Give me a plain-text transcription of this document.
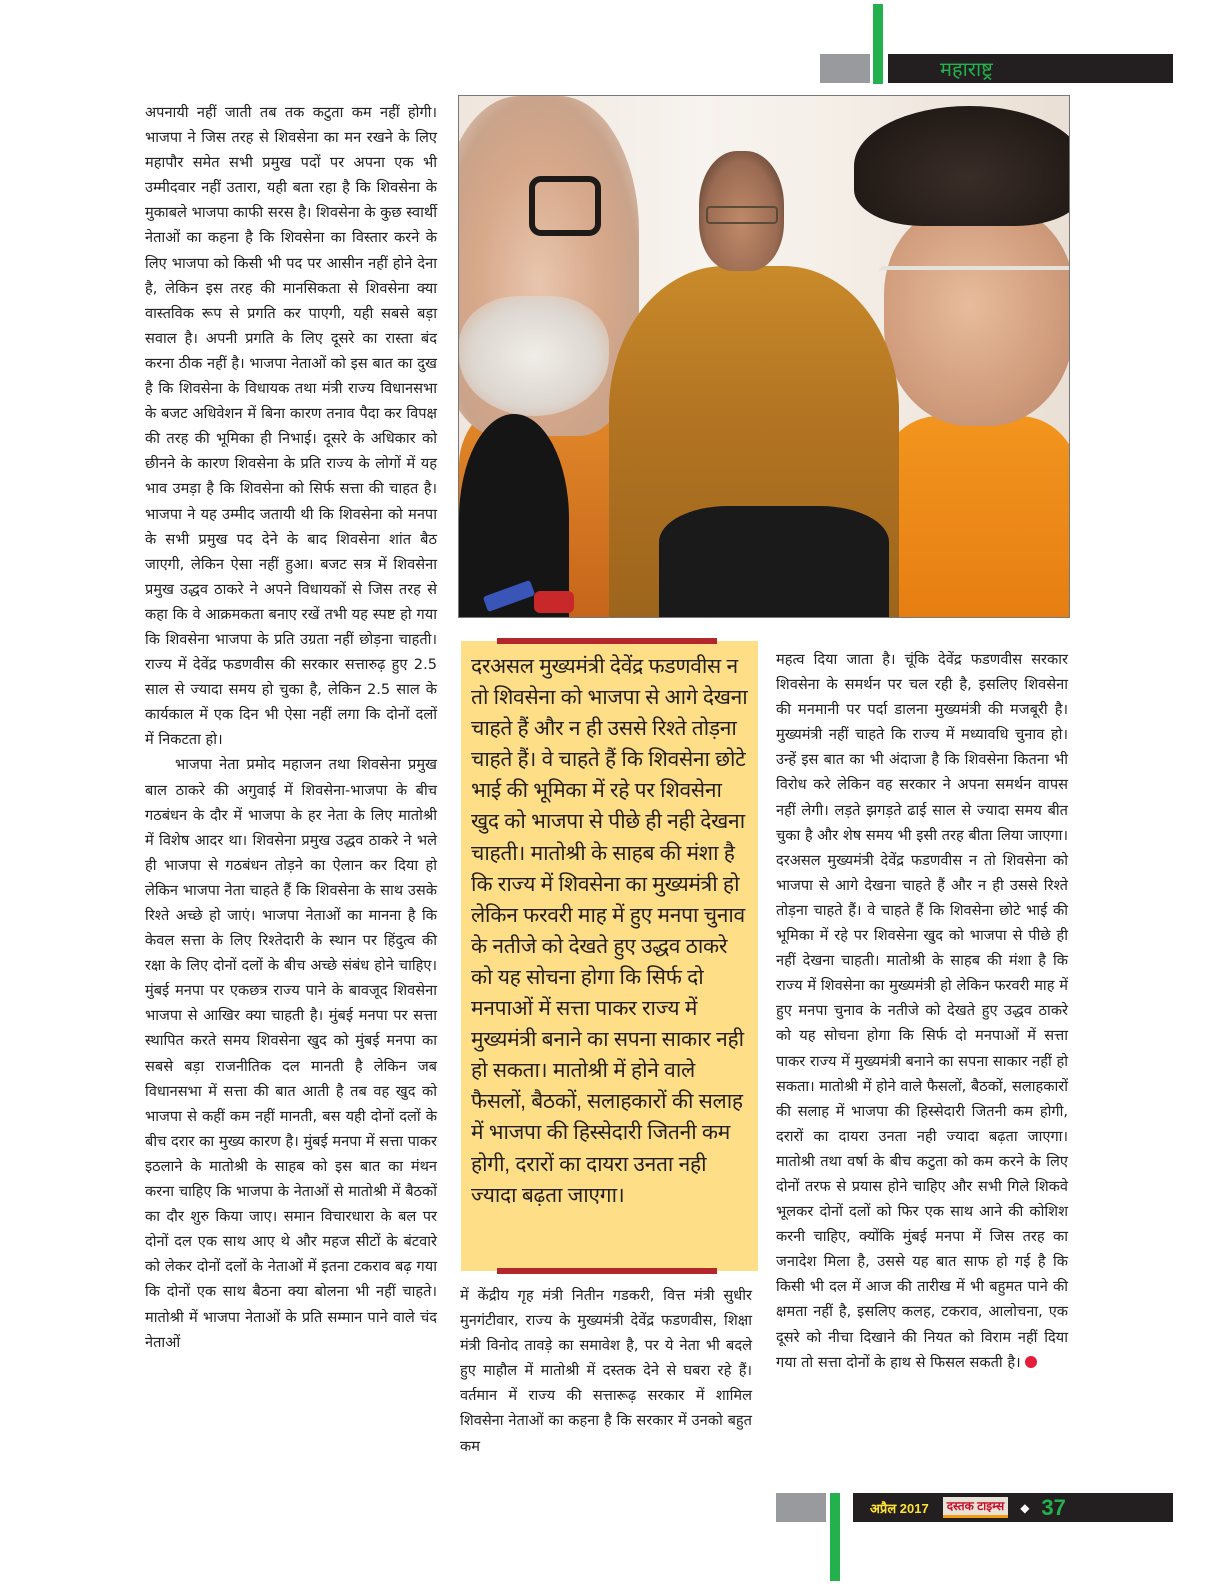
महाराष्ट्र

अपनायी नहीं जाती तब तक कटुता कम नहीं होगी। भाजपा ने जिस तरह से शिवसेना का मन रखने के लिए महापौर समेत सभी प्रमुख पदों पर अपना एक भी उम्मीदवार नहीं उतारा, यही बता रहा है कि शिवसेना के मुकाबले भाजपा काफी सरस है। शिवसेना के कुछ स्वार्थी नेताओं का कहना है कि शिवसेना का विस्तार करने के लिए भाजपा को किसी भी पद पर आसीन नहीं होने देना है, लेकिन इस तरह की मानसिकता से शिवसेना क्या वास्तविक रूप से प्रगति कर पाएगी, यही सबसे बड़ा सवाल है। अपनी प्रगति के लिए दूसरे का रास्ता बंद करना ठीक नहीं है। भाजपा नेताओं को इस बात का दुख है कि शिवसेना के विधायक तथा मंत्री राज्य विधानसभा के बजट अधिवेशन में बिना कारण तनाव पैदा कर विपक्ष की तरह की भूमिका ही निभाई। दूसरे के अधिकार को छीनने के कारण शिवसेना के प्रति राज्य के लोगों में यह भाव उमड़ा है कि शिवसेना को सिर्फ सत्ता की चाहत है। भाजपा ने यह उम्मीद जतायी थी कि शिवसेना को मनपा के सभी प्रमुख पद देने के बाद शिवसेना शांत बैठ जाएगी, लेकिन ऐसा नहीं हुआ। बजट सत्र में शिवसेना प्रमुख उद्धव ठाकरे ने अपने विधायकों से जिस तरह से कहा कि वे आक्रमकता बनाए रखें तभी यह स्पष्ट हो गया कि शिवसेना भाजपा के प्रति उग्रता नहीं छोड़ना चाहती। राज्य में देवेंद्र फडणवीस की सरकार सत्तारुढ़ हुए 2.5 साल से ज्यादा समय हो चुका है, लेकिन 2.5 साल के कार्यकाल में एक दिन भी ऐसा नहीं लगा कि दोनों दलों में निकटता हो।

भाजपा नेता प्रमोद महाजन तथा शिवसेना प्रमुख बाल ठाकरे की अगुवाई में शिवसेना-भाजपा के बीच गठबंधन के दौर में भाजपा के हर नेता के लिए मातोश्री में विशेष आदर था। शिवसेना प्रमुख उद्धव ठाकरे ने भले ही भाजपा से गठबंधन तोड़ने का ऐलान कर दिया हो लेकिन भाजपा नेता चाहते हैं कि शिवसेना के साथ उसके रिश्ते अच्छे हो जाएं। भाजपा नेताओं का मानना है कि केवल सत्ता के लिए रिश्तेदारी के स्थान पर हिंदुत्व की रक्षा के लिए दोनों दलों के बीच अच्छे संबंध होने चाहिए। मुंबई मनपा पर एकछत्र राज्य पाने के बावजूद शिवसेना भाजपा से आखिर क्या चाहती है। मुंबई मनपा पर सत्ता स्थापित करते समय शिवसेना खुद को मुंबई मनपा का सबसे बड़ा राजनीतिक दल मानती है लेकिन जब विधानसभा में सत्ता की बात आती है तब वह खुद को भाजपा से कहीं कम नहीं मानती, बस यही दोनों दलों के बीच दरार का मुख्य कारण है। मुंबई मनपा में सत्ता पाकर इठलाने के मातोश्री के साहब को इस बात का मंथन करना चाहिए कि भाजपा के नेताओं से मातोश्री में बैठकों का दौर शुरु किया जाए। समान विचारधारा के बल पर दोनों दल एक साथ आए थे और महज सीटों के बंटवारे को लेकर दोनों दलों के नेताओं में इतना टकराव बढ़ गया कि दोनों एक साथ बैठना क्या बोलना भी नहीं चाहते। मातोश्री में भाजपा नेताओं के प्रति सम्मान पाने वाले चंद नेताओं

दरअसल मुख्यमंत्री देवेंद्र फडणवीस न तो शिवसेना को भाजपा से आगे देखना चाहते हैं और न ही उससे रिश्ते तोड़ना चाहते हैं। वे चाहते हैं कि शिवसेना छोटे भाई की भूमिका में रहे पर शिवसेना खुद को भाजपा से पीछे ही नही देखना चाहती। मातोश्री के साहब की मंशा है कि राज्य में शिवसेना का मुख्यमंत्री हो लेकिन फरवरी माह में हुए मनपा चुनाव के नतीजे को देखते हुए उद्धव ठाकरे को यह सोचना होगा कि सिर्फ दो मनपाओं में सत्ता पाकर राज्य में मुख्यमंत्री बनाने का सपना साकार नही हो सकता। मातोश्री में होने वाले फैसलों, बैठकों, सलाहकारों की सलाह में भाजपा की हिस्सेदारी जितनी कम होगी, दरारों का दायरा उनता नही ज्यादा बढ़ता जाएगा।

में केंद्रीय गृह मंत्री नितीन गडकरी, वित्त मंत्री सुधीर मुनगंटीवार, राज्य के मुख्यमंत्री देवेंद्र फडणवीस, शिक्षा मंत्री विनोद तावड़े का समावेश है, पर ये नेता भी बदले हुए माहौल में मातोश्री में दस्तक देने से घबरा रहे हैं। वर्तमान में राज्य की सत्तारूढ़ सरकार में शामिल शिवसेना नेताओं का कहना है कि सरकार में उनको बहुत कम

महत्व दिया जाता है। चूंकि देवेंद्र फडणवीस सरकार शिवसेना के समर्थन पर चल रही है, इसलिए शिवसेना की मनमानी पर पर्दा डालना मुख्यमंत्री की मजबूरी है। मुख्यमंत्री नहीं चाहते कि राज्य में मध्यावधि चुनाव हो। उन्हें इस बात का भी अंदाजा है कि शिवसेना कितना भी विरोध करे लेकिन वह सरकार ने अपना समर्थन वापस नहीं लेगी। लड़ते झगड़ते ढाई साल से ज्यादा समय बीत चुका है और शेष समय भी इसी तरह बीता लिया जाएगा। दरअसल मुख्यमंत्री देवेंद्र फडणवीस न तो शिवसेना को भाजपा से आगे देखना चाहते हैं और न ही उससे रिश्ते तोड़ना चाहते हैं। वे चाहते हैं कि शिवसेना छोटे भाई की भूमिका में रहे पर शिवसेना खुद को भाजपा से पीछे ही नहीं देखना चाहती। मातोश्री के साहब की मंशा है कि राज्य में शिवसेना का मुख्यमंत्री हो लेकिन फरवरी माह में हुए मनपा चुनाव के नतीजे को देखते हुए उद्धव ठाकरे को यह सोचना होगा कि सिर्फ दो मनपाओं में सत्ता पाकर राज्य में मुख्यमंत्री बनाने का सपना साकार नहीं हो सकता। मातोश्री में होने वाले फैसलों, बैठकों, सलाहकारों की सलाह में भाजपा की हिस्सेदारी जितनी कम होगी, दरारों का दायरा उनता नही ज्यादा बढ़ता जाएगा। मातोश्री तथा वर्षा के बीच कटुता को कम करने के लिए दोनों तरफ से प्रयास होने चाहिए और सभी गिले शिकवे भूलकर दोनों दलों को फिर एक साथ आने की कोशिश करनी चाहिए, क्योंकि मुंबई मनपा में जिस तरह का जनादेश मिला है, उससे यह बात साफ हो गई है कि किसी भी दल में आज की तारीख में भी बहुमत पाने की क्षमता नहीं है, इसलिए कलह, टकराव, आलोचना, एक दूसरे को नीचा दिखाने की नियत को विराम नहीं दिया गया तो सत्ता दोनों के हाथ से फिसल सकती है।

अप्रैल 2017	दस्तक टाइम्स	◆ 37
